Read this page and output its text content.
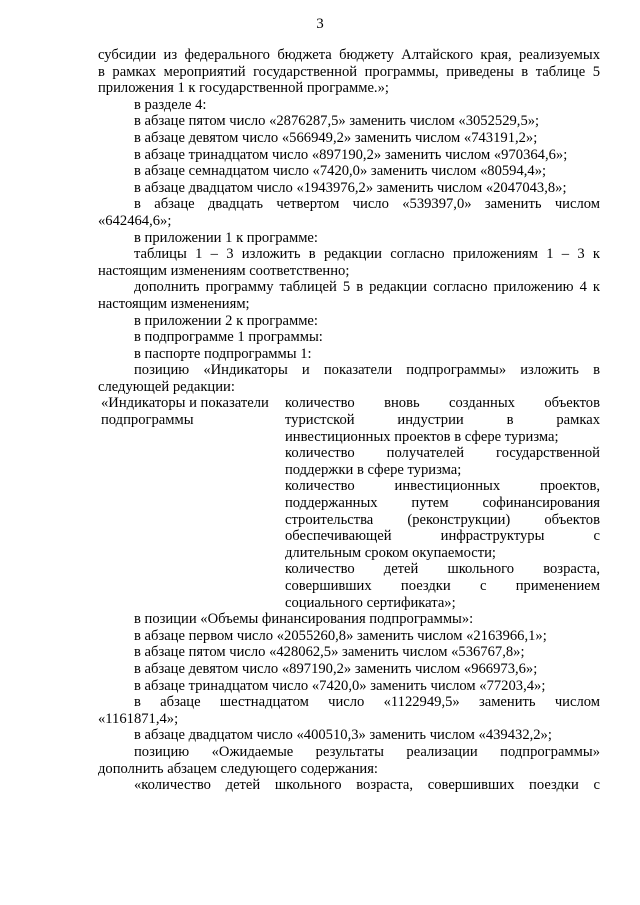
3

субсидии из федерального бюджета бюджету Алтайского края, реализуемых

в рамках мероприятий государственной программы, приведены в таблице 5

приложения 1 к государственной программе.»;

в разделе 4:

в абзаце пятом число «2876287,5» заменить числом «3052529,5»;

в абзаце девятом число «566949,2» заменить числом «743191,2»;

в абзаце тринадцатом число «897190,2» заменить числом «970364,6»;

в абзаце семнадцатом число «7420,0» заменить числом «80594,4»;

в абзаце двадцатом число «1943976,2» заменить числом «2047043,8»;

в абзаце двадцать четвертом число «539397,0» заменить числом

«642464,6»;

в приложении 1 к программе:

таблицы 1 – 3 изложить в редакции согласно приложениям 1 – 3 к

настоящим изменениям соответственно;

дополнить программу таблицей 5 в редакции согласно приложению 4 к

настоящим изменениям;

в приложении 2 к программе:

в подпрограмме 1 программы:

в паспорте подпрограммы 1:

позицию «Индикаторы и показатели подпрограммы» изложить в

следующей редакции:

«Индикаторы и показатели

подпрограммы

количество вновь созданных объектов

туристской индустрии в рамках

инвестиционных проектов в сфере туризма;

количество получателей государственной

поддержки в сфере туризма;

количество инвестиционных проектов,

поддержанных путем софинансирования

строительства (реконструкции) объектов

обеспечивающей инфраструктуры с

длительным сроком окупаемости;

количество детей школьного возраста,

совершивших поездки с применением

социального сертификата»;

в позиции «Объемы финансирования подпрограммы»:

в абзаце первом число «2055260,8» заменить числом «2163966,1»;

в абзаце пятом число «428062,5» заменить числом «536767,8»;

в абзаце девятом число «897190,2» заменить числом «966973,6»;

в абзаце тринадцатом число «7420,0» заменить числом «77203,4»;

в абзаце шестнадцатом число «1122949,5» заменить числом

«1161871,4»;

в абзаце двадцатом число «400510,3» заменить числом «439432,2»;

позицию «Ожидаемые результаты реализации подпрограммы»

дополнить абзацем следующего содержания:

«количество детей школьного возраста, совершивших поездки с
